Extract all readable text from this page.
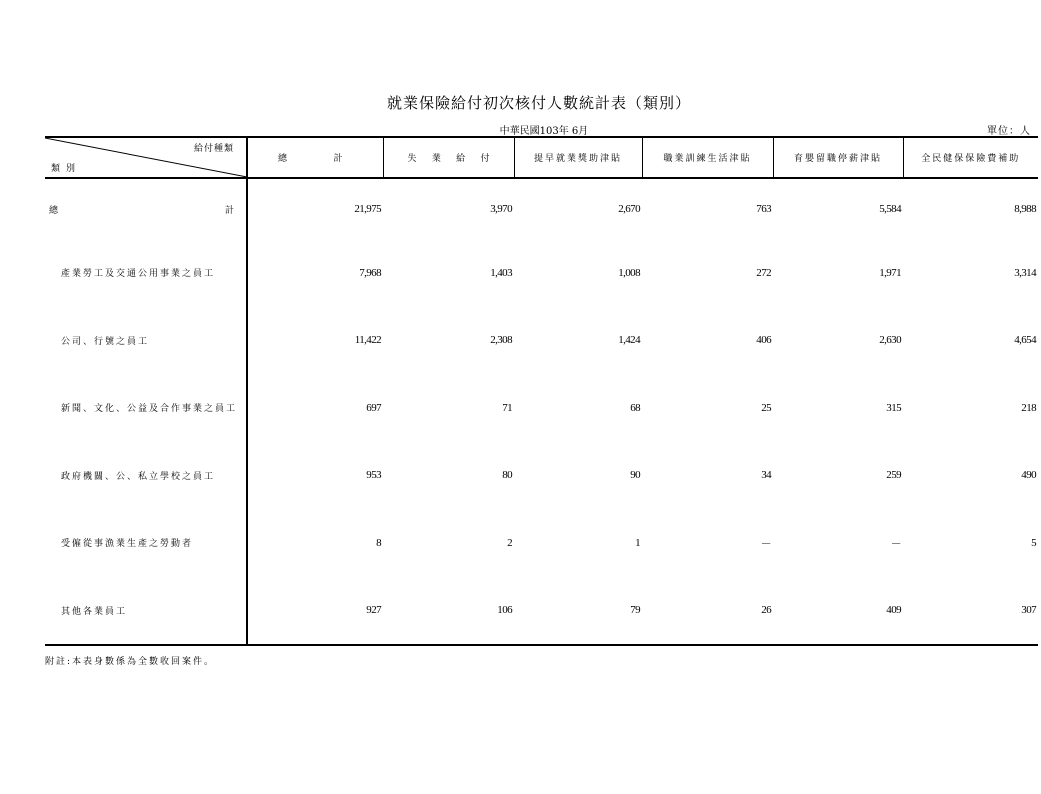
就業保險給付初次核付人數統計表（類別）
中華民國103年 6月	單位：人
給付種類
類別	總 計	失 業 給 付	提早就業獎助津貼	職業訓練生活津貼	育嬰留職停薪津貼	全民健保保險費補助

總 計	21,975	3,970	2,670	763	5,584	8,988
產業勞工及交通公用事業之員工	7,968	1,403	1,008	272	1,971	3,314
公司、行號之員工	11,422	2,308	1,424	406	2,630	4,654
新聞、文化、公益及合作事業之員工	697	71	68	25	315	218
政府機關、公、私立學校之員工	953	80	90	34	259	490
受僱從事漁業生產之勞動者	8	2	1	－	－	5
其他各業員工	927	106	79	26	409	307
附註:本表身數係為全數收回案件。
